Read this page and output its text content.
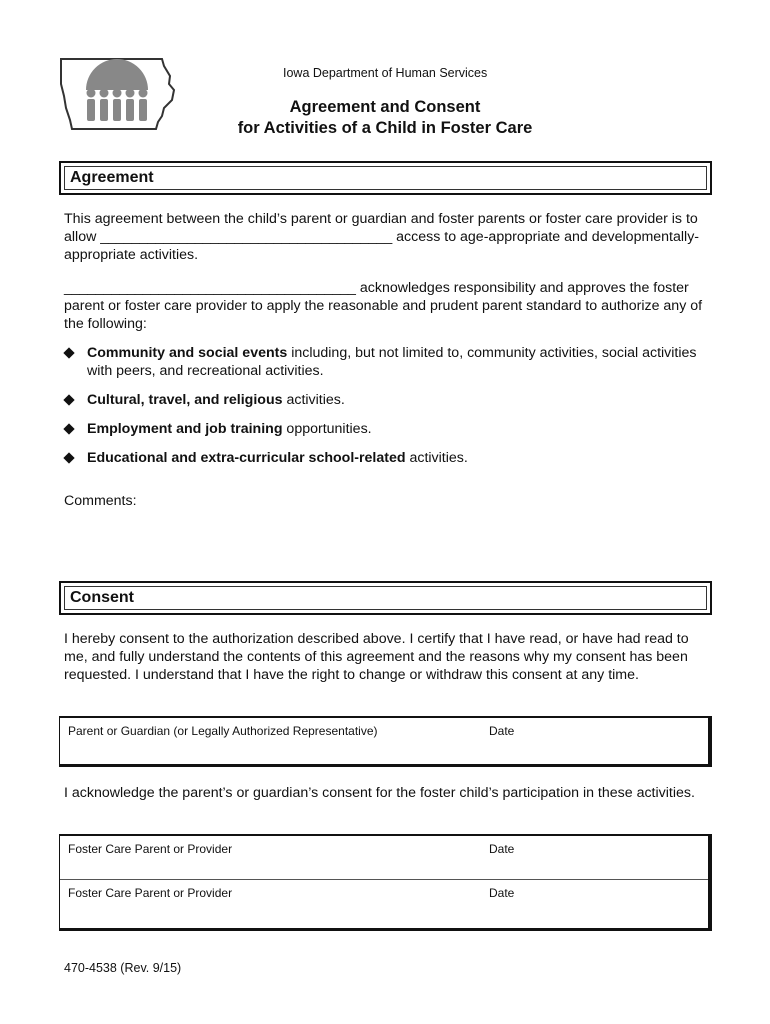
Iowa Department of Human Services
Agreement and Consent
for Activities of a Child in Foster Care
Agreement
This agreement between the child’s parent or guardian and foster parents or foster care provider is to allow _____________________________________ access to age-appropriate and developmentally-appropriate activities.
_____________________________________ acknowledges responsibility and approves the foster parent or foster care provider to apply the reasonable and prudent parent standard to authorize any of the following:
Community and social events including, but not limited to, community activities, social activities with peers, and recreational activities.
Cultural, travel, and religious activities.
Employment and job training opportunities.
Educational and extra-curricular school-related activities.
Comments:
Consent
I hereby consent to the authorization described above. I certify that I have read, or have had read to me, and fully understand the contents of this agreement and the reasons why my consent has been requested. I understand that I have the right to change or withdraw this consent at any time.
Parent or Guardian (or Legally Authorized Representative)	Date
I acknowledge the parent’s or guardian’s consent for the foster child’s participation in these activities.
Foster Care Parent or Provider	Date
Foster Care Parent or Provider	Date
470-4538 (Rev. 9/15)
